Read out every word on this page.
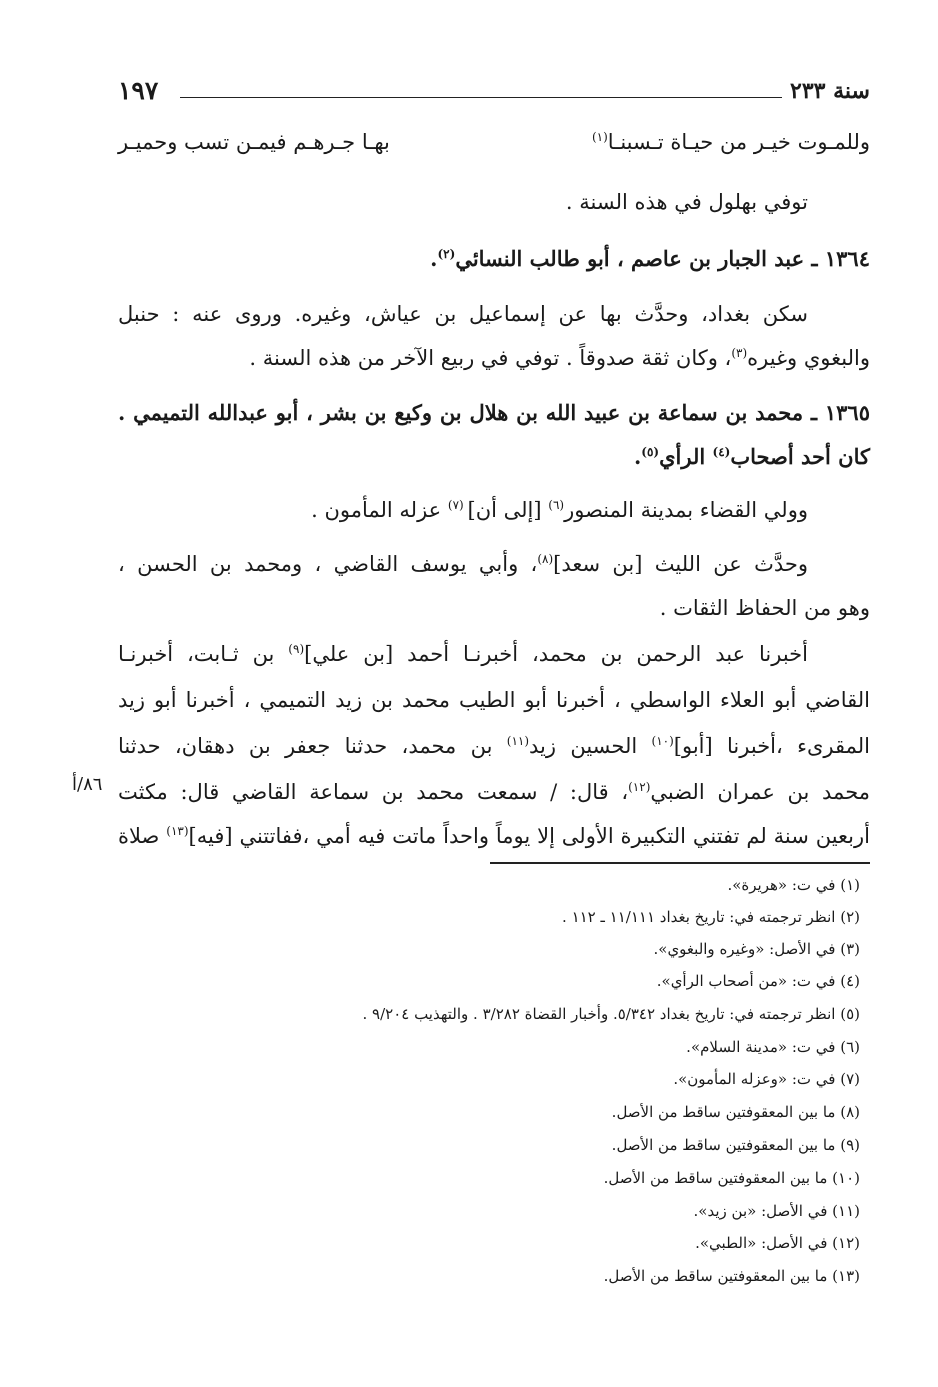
سنة ٢٣٣
١٩٧
وللمـوت خيـر من حيـاة تـسبنـا$^{(١)}$
بهـا جـرهـم فيمـن تسب وحميـر
توفي بهلول في هذه السنة .
١٣٦٤ ـ عبد الجبار بن عاصم ، أبو طالب النسائي$^{(٢)}$.
سكن بغداد، وحدَّث بها عن إسماعيل بن عياش، وغيره. وروى عنه : حنبل
والبغوي وغيره$^{(٣)}$، وكان ثقة صدوقاً . توفي في ربيع الآخر من هذه السنة .
١٣٦٥ ـ محمد بن سماعة بن عبيد الله بن هلال بن وكيع بن بشر ، أبو عبدالله التميمي .
كان أحد أصحاب$^{(٤)}$ الرأي$^{(٥)}$.
وولي القضاء بمدينة المنصور$^{(٦)}$ [إلى أن] $^{(٧)}$ عزله المأمون .
وحدَّث عن الليث [بن سعد]$^{(٨)}$، وأبي يوسف القاضي ، ومحمد بن الحسن ،
وهو من الحفاظ الثقات .
أخبرنا عبد الرحمن بن محمد، أخبرنـا أحمد [بن علي]$^{(٩)}$ بن ثـابت، أخبرنـا
القاضي أبو العلاء الواسطي ، أخبرنا أبو الطيب محمد بن زيد التميمي ، أخبرنا أبو زيد
المقرىء ،أخبرنا [أبو]$^{(١٠)}$ الحسين زيد$^{(١١)}$ بن محمد، حدثنا جعفر بن دهقان، حدثنا
محمد بن عمران الضبي$^{(١٢)}$، قال: / سمعت محمد بن سماعة القاضي قال: مكثت
٨٦/أ
أربعين سنة لم تفتني التكبيرة الأولى إلا يوماً واحداً ماتت فيه أمي ،ففاتتني [فيه]$^{(١٣)}$ صلاة
(١) في ت: «هريرة».
(٢) انظر ترجمته في: تاريخ بغداد ١١/١١١ ـ ١١٢ .
(٣) في الأصل: «وغيره والبغوي».
(٤) في ت: «من أصحاب الرأي».
(٥) انظر ترجمته في: تاريخ بغداد ٥/٣٤٢. وأخبار القضاة ٣/٢٨٢ . والتهذيب ٩/٢٠٤ .
(٦) في ت: «مدينة السلام».
(٧) في ت: «وعزله المأمون».
(٨) ما بين المعقوفتين ساقط من الأصل.
(٩) ما بين المعقوفتين ساقط من الأصل.
(١٠) ما بين المعقوفتين ساقط من الأصل.
(١١) في الأصل: «بن زيد».
(١٢) في الأصل: «الطبي».
(١٣) ما بين المعقوفتين ساقط من الأصل.
